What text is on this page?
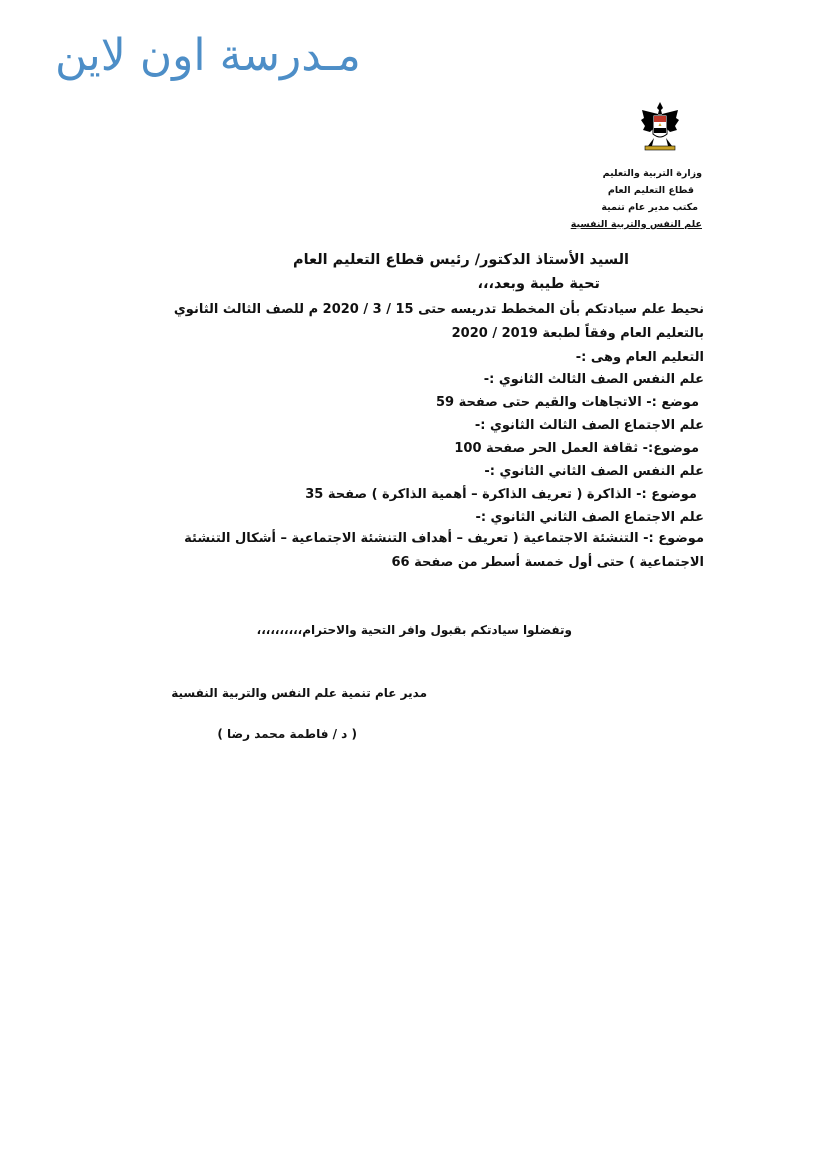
مـدرسة اون لاين
وزارة التربية والتعليم
قطاع التعليم العام
مكتب مدير عام تنمية
علم النفس والتربية النفسية
السيد الأستاذ الدكتور/ رئيس قطاع التعليم العام
تحية طيبة وبعد،،،
نحيط علم سيادتكم بأن المخطط تدريسه حتى 15 / 3 / 2020 م للصف الثالث الثانوي
بالتعليم العام وفقاً لطبعة 2019 / 2020
التعليم العام وهى :-
علم النفس الصف الثالث الثانوي :-
موضع :- الاتجاهات والقيم حتى صفحة 59
علم الاجتماع الصف الثالث الثانوي :-
موضوع:- ثقافة العمل الحر صفحة 100
علم النفس الصف الثاني الثانوي :-
موضوع :- الذاكرة ( تعريف الذاكرة – أهمية الذاكرة ) صفحة 35
علم الاجتماع الصف الثاني الثانوي :-
موضوع :- التنشئة الاجتماعية ( تعريف – أهداف التنشئة الاجتماعية – أشكال التنشئة
الاجتماعية ) حتى أول خمسة أسطر من صفحة 66
وتفضلوا سيادتكم بقبول وافر التحية والاحترام،،،،،،،،،،
مدير عام تنمية علم النفس والتربية النفسية
( د / فاطمة محمد رضا )
